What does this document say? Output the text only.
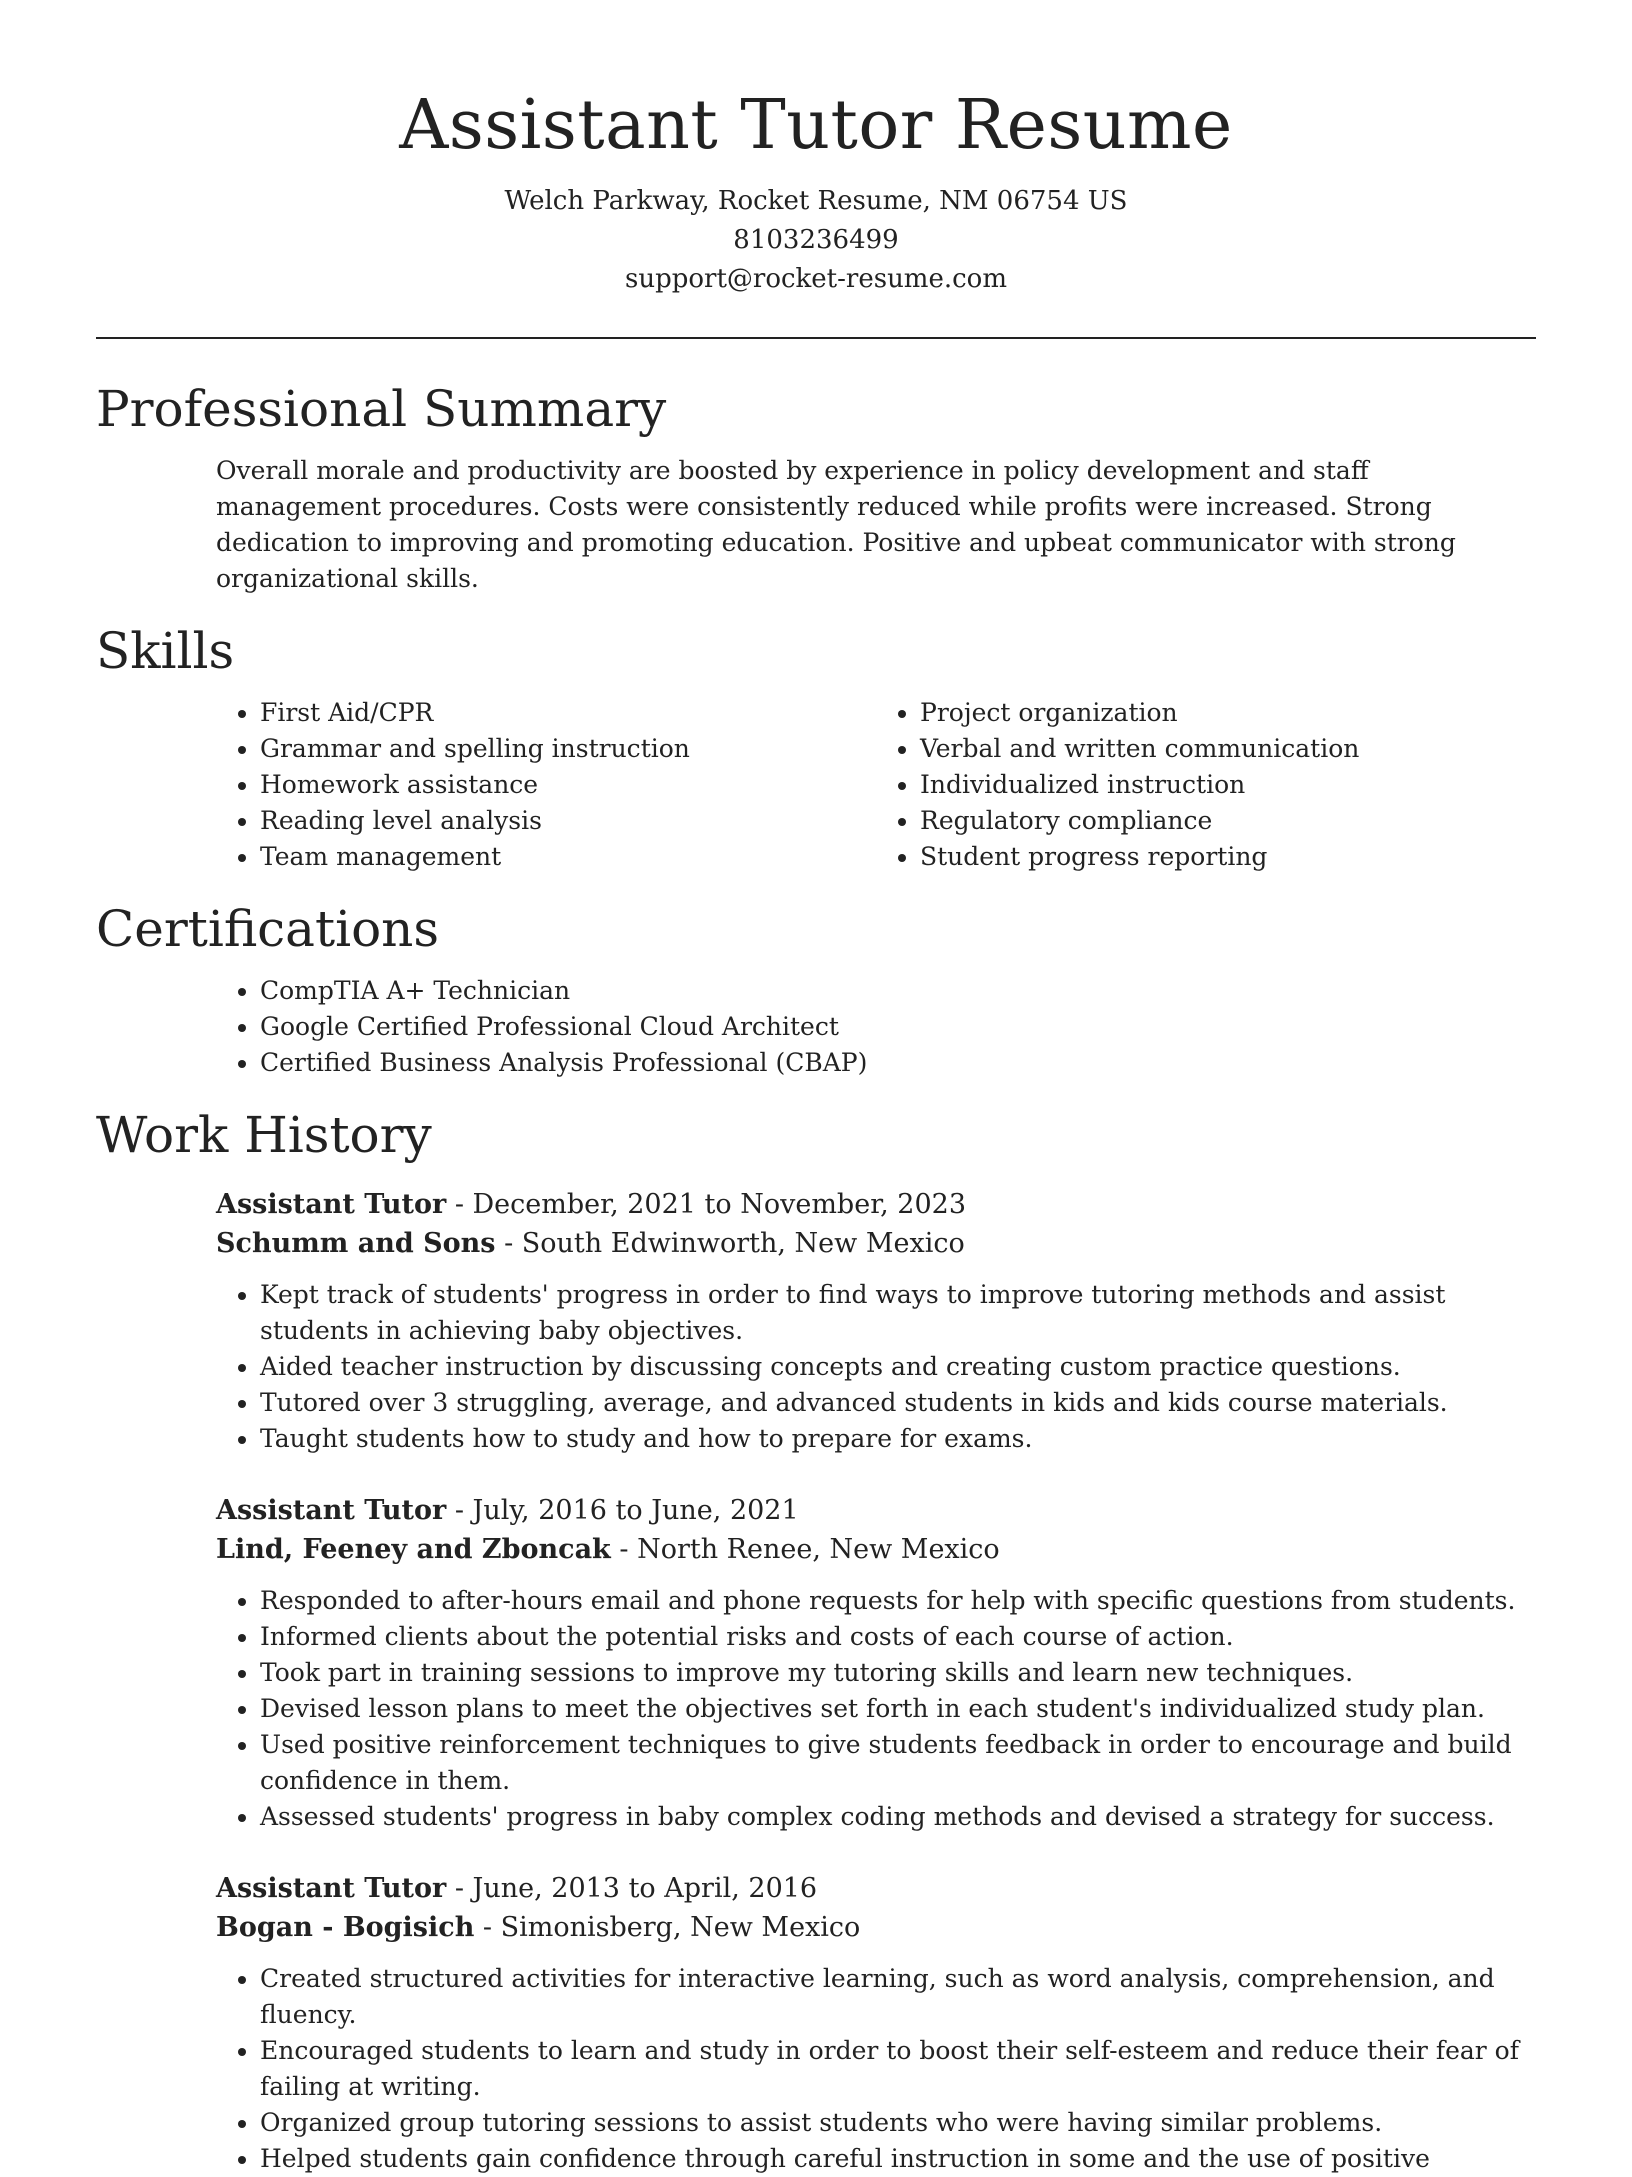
Assistant Tutor Resume
Welch Parkway, Rocket Resume, NM 06754 US
8103236499
support@rocket-resume.com
Professional Summary

Overall morale and productivity are boosted by experience in policy development and staff management procedures. Costs were consistently reduced while profits were increased. Strong dedication to improving and promoting education. Positive and upbeat communicator with strong organizational skills.

Skills
• First Aid/CPR
• Grammar and spelling instruction
• Homework assistance
• Reading level analysis
• Team management
• Project organization
• Verbal and written communication
• Individualized instruction
• Regulatory compliance
• Student progress reporting
Certifications
• CompTIA A+ Technician
• Google Certified Professional Cloud Architect
• Certified Business Analysis Professional (CBAP)
Work History
Assistant Tutor - December, 2021 to November, 2023
Schumm and Sons - South Edwinworth, New Mexico
• Kept track of students' progress in order to find ways to improve tutoring methods and assist students in achieving baby objectives.
• Aided teacher instruction by discussing concepts and creating custom practice questions.
• Tutored over 3 struggling, average, and advanced students in kids and kids course materials.
• Taught students how to study and how to prepare for exams.
Assistant Tutor - July, 2016 to June, 2021
Lind, Feeney and Zboncak - North Renee, New Mexico
• Responded to after-hours email and phone requests for help with specific questions from students.
• Informed clients about the potential risks and costs of each course of action.
• Took part in training sessions to improve my tutoring skills and learn new techniques.
• Devised lesson plans to meet the objectives set forth in each student's individualized study plan.
• Used positive reinforcement techniques to give students feedback in order to encourage and build confidence in them.
• Assessed students' progress in baby complex coding methods and devised a strategy for success.
Assistant Tutor - June, 2013 to April, 2016
Bogan - Bogisich - Simonisberg, New Mexico
• Created structured activities for interactive learning, such as word analysis, comprehension, and fluency.
• Encouraged students to learn and study in order to boost their self-esteem and reduce their fear of failing at writing.
• Organized group tutoring sessions to assist students who were having similar problems.
• Helped students gain confidence through careful instruction in some and the use of positive
